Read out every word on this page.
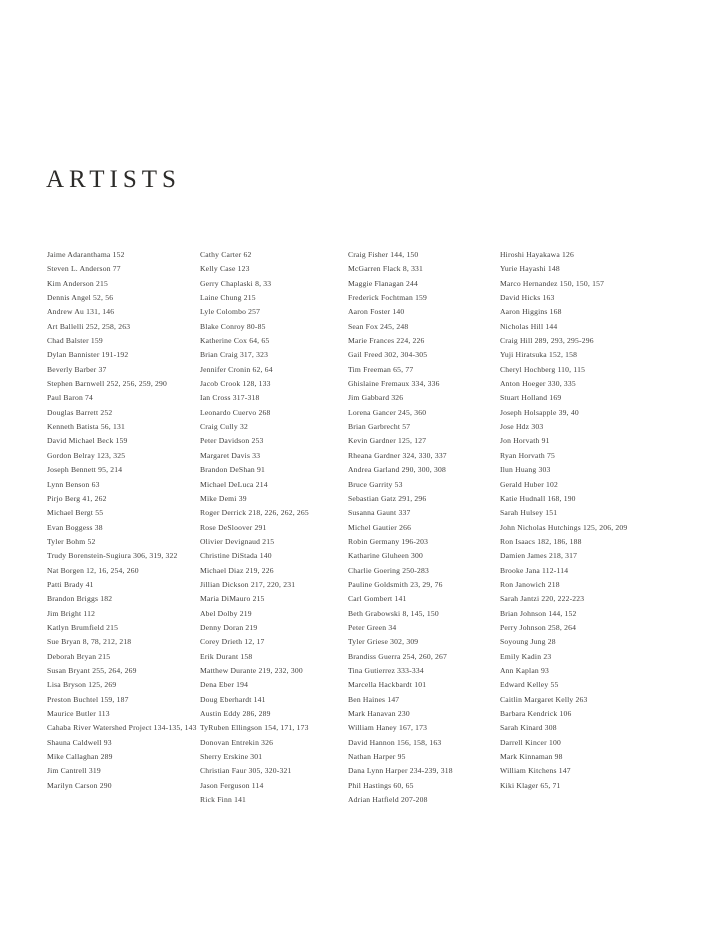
ARTISTS
Jaime Adaranthama 152
Steven L. Anderson 77
Kim Anderson 215
Dennis Angel 52, 56
Andrew Au 131, 146
Art Ballelli 252, 258, 263
Chad Balster 159
Dylan Bannister 191-192
Beverly Barber 37
Stephen Barnwell 252, 256, 259, 290
Paul Baron 74
Douglas Barrett 252
Kenneth Batista 56, 131
David Michael Beck 159
Gordon Belray 123, 325
Joseph Bennett 95, 214
Lynn Benson 63
Pirjo Berg 41, 262
Michael Bergt 55
Evan Boggess 38
Tyler Bohm 52
Trudy Borenstein-Sugiura 306, 319, 322
Nat Borgen 12, 16, 254, 260
Patti Brady 41
Brandon Briggs 182
Jim Bright 112
Katlyn Brumfield 215
Sue Bryan 8, 78, 212, 218
Deborah Bryan 215
Susan Bryant 255, 264, 269
Lisa Bryson 125, 269
Preston Buchtel 159, 187
Maurice Butler 113
Cahaba River Watershed Project 134-135, 143
Shauna Caldwell 93
Mike Callaghan 289
Jim Cantrell 319
Marilyn Carson 290
Cathy Carter 62
Kelly Case 123
Gerry Chaplaski 8, 33
Laine Chung 215
Lyle Colombo 257
Blake Conroy 80-85
Katherine Cox 64, 65
Brian Craig 317, 323
Jennifer Cronin 62, 64
Jacob Crook 128, 133
Ian Cross 317-318
Leonardo Cuervo 268
Craig Cully 32
Peter Davidson 253
Margaret Davis 33
Brandon DeShan 91
Michael DeLuca 214
Mike Demi 39
Roger Derrick 218, 226, 262, 265
Rose DeSloover 291
Olivier Devignaud 215
Christine DiStada 140
Michael Diaz 219, 226
Jillian Dickson 217, 220, 231
Maria DiMauro 215
Abel Dolby 219
Denny Doran 219
Corey Drieth 12, 17
Erik Durant 158
Matthew Durante 219, 232, 300
Dena Eber 194
Doug Eberhardt 141
Austin Eddy 286, 289
TyRuben Ellingson 154, 171, 173
Donovan Entrekin 326
Sherry Erskine 301
Christian Faur 305, 320-321
Jason Ferguson 114
Rick Finn 141
Craig Fisher 144, 150
McGarren Flack 8, 331
Maggie Flanagan 244
Frederick Fochtman 159
Aaron Foster 140
Sean Fox 245, 248
Marie Frances 224, 226
Gail Freed 302, 304-305
Tim Freeman 65, 77
Ghislaine Fremaux 334, 336
Jim Gabbard 326
Lorena Gancer 245, 360
Brian Garbrecht 57
Kevin Gardner 125, 127
Rheana Gardner 324, 330, 337
Andrea Garland 290, 300, 308
Bruce Garrity 53
Sebastian Gatz 291, 296
Susanna Gaunt 337
Michel Gautier 266
Robin Germany 196-203
Katharine Gluheen 300
Charlie Goering 250-283
Pauline Goldsmith 23, 29, 76
Carl Gombert 141
Beth Grabowski 8, 145, 150
Peter Green 34
Tyler Griese 302, 309
Brandiss Guerra 254, 260, 267
Tina Gutierrez 333-334
Marcella Hackbardt 101
Ben Haines 147
Mark Hanavan 230
William Haney 167, 173
David Hannon 156, 158, 163
Nathan Harper 95
Dana Lynn Harper 234-239, 318
Phil Hastings 60, 65
Adrian Hatfield 207-208
Hiroshi Hayakawa 126
Yurie Hayashi 148
Marco Hernandez 150, 150, 157
David Hicks 163
Aaron Higgins 168
Nicholas Hill 144
Craig Hill 289, 293, 295-296
Yuji Hiratsuka 152, 158
Cheryl Hochberg 110, 115
Anton Hoeger 330, 335
Stuart Holland 169
Joseph Holsapple 39, 40
Jose Hdz 303
Jon Horvath 91
Ryan Horvath 75
Ilun Huang 303
Gerald Huber 102
Katie Hudnall 168, 190
Sarah Hulsey 151
John Nicholas Hutchings 125, 206, 209
Ron Isaacs 182, 186, 188
Damien James 218, 317
Brooke Jana 112-114
Ron Janowich 218
Sarah Jantzi 220, 222-223
Brian Johnson 144, 152
Perry Johnson 258, 264
Soyoung Jung 28
Emily Kadin 23
Ann Kaplan 93
Edward Kelley 55
Caitlin Margaret Kelly 263
Barbara Kendrick 106
Sarah Kinard 308
Darrell Kincer 100
Mark Kinnaman 98
William Kitchens 147
Kiki Klager 65, 71
